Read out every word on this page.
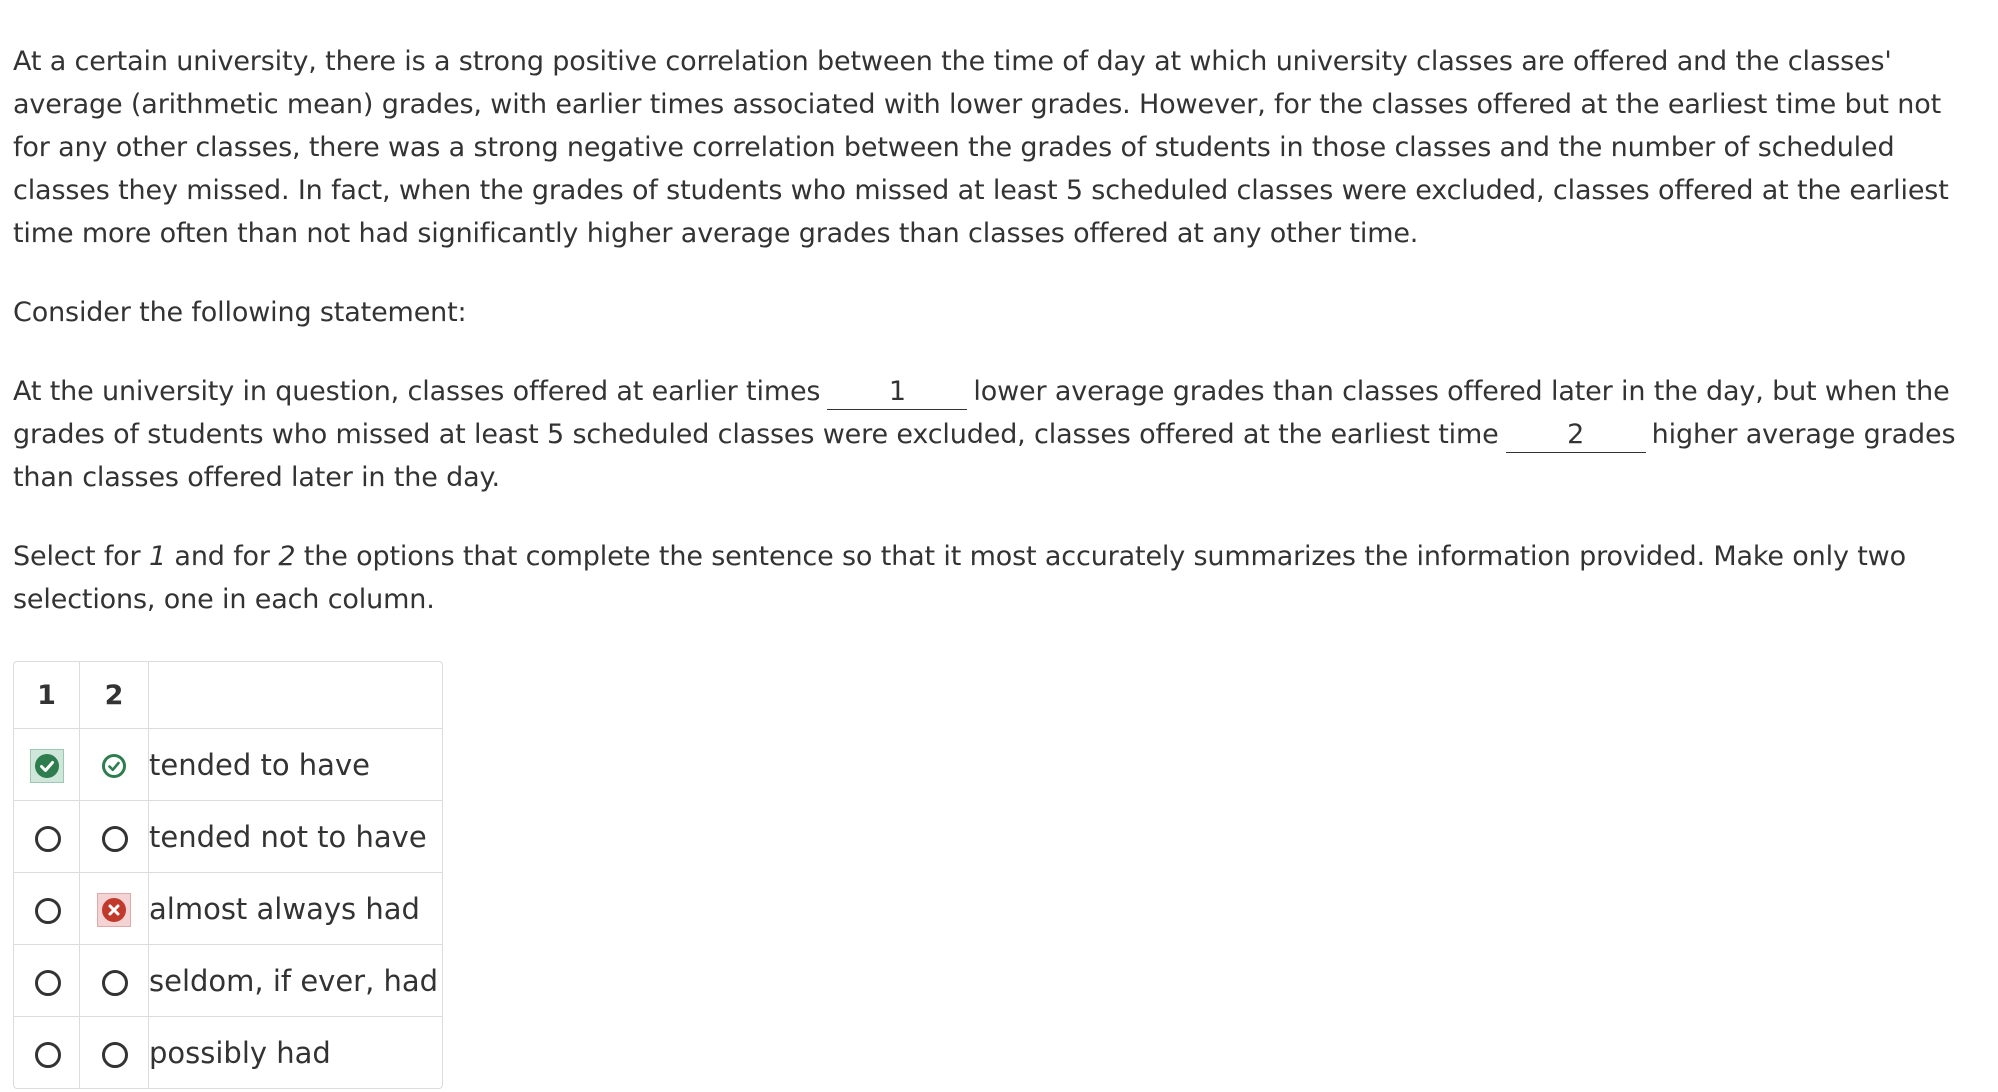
At a certain university, there is a strong positive correlation between the time of day at which university classes are offered and the classes' average (arithmetic mean) grades, with earlier times associated with lower grades. However, for the classes offered at the earliest time but not for any other classes, there was a strong negative correlation between the grades of students in those classes and the number of scheduled classes they missed. In fact, when the grades of students who missed at least 5 scheduled classes were excluded, classes offered at the earliest time more often than not had significantly higher average grades than classes offered at any other time.

Consider the following statement:

At the university in question, classes offered at earlier times	1 lower average grades than classes offered later in the day, but when the grades of students who missed at least 5 scheduled classes were excluded, classes offered at the earliest time	2 higher average grades than classes offered later in the day.

Select for 1 and for 2 the options that complete the sentence so that it most accurately summarizes the information provided. Make only two selections, one in each column.

1	2	

	tended to have

	tended not to have

	almost always had

	seldom, if ever, had

	possibly had
